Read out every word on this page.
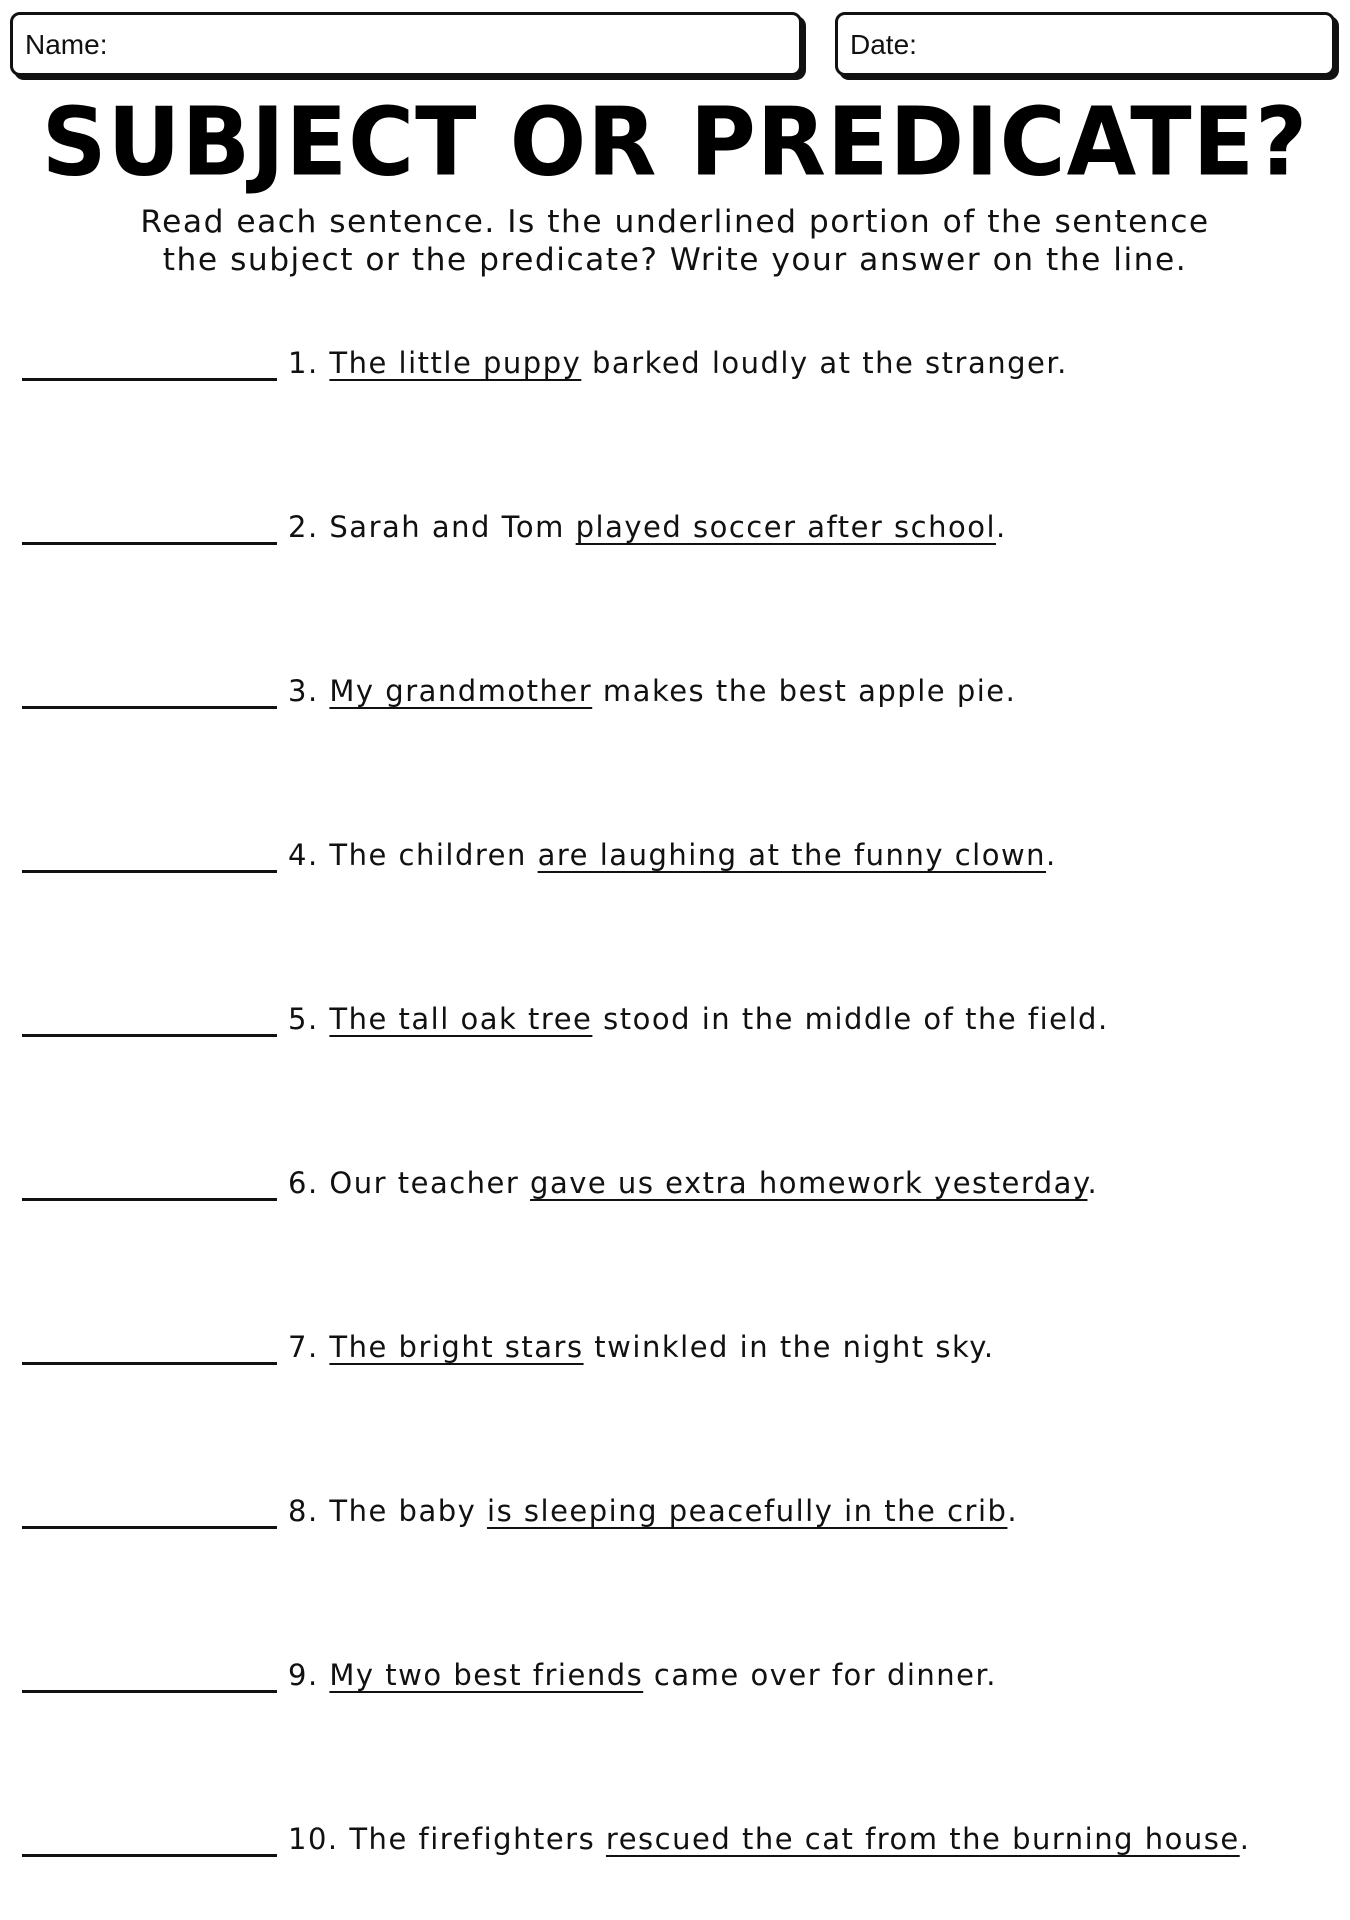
Name:	Date:
SUBJECT OR PREDICATE?
Read each sentence. Is the underlined portion of the sentence
the subject or the predicate? Write your answer on the line.
1. The little puppy barked loudly at the stranger.
2. Sarah and Tom played soccer after school.
3. My grandmother makes the best apple pie.
4. The children are laughing at the funny clown.
5. The tall oak tree stood in the middle of the field.
6. Our teacher gave us extra homework yesterday.
7. The bright stars twinkled in the night sky.
8. The baby is sleeping peacefully in the crib.
9. My two best friends came over for dinner.
10. The firefighters rescued the cat from the burning house.
